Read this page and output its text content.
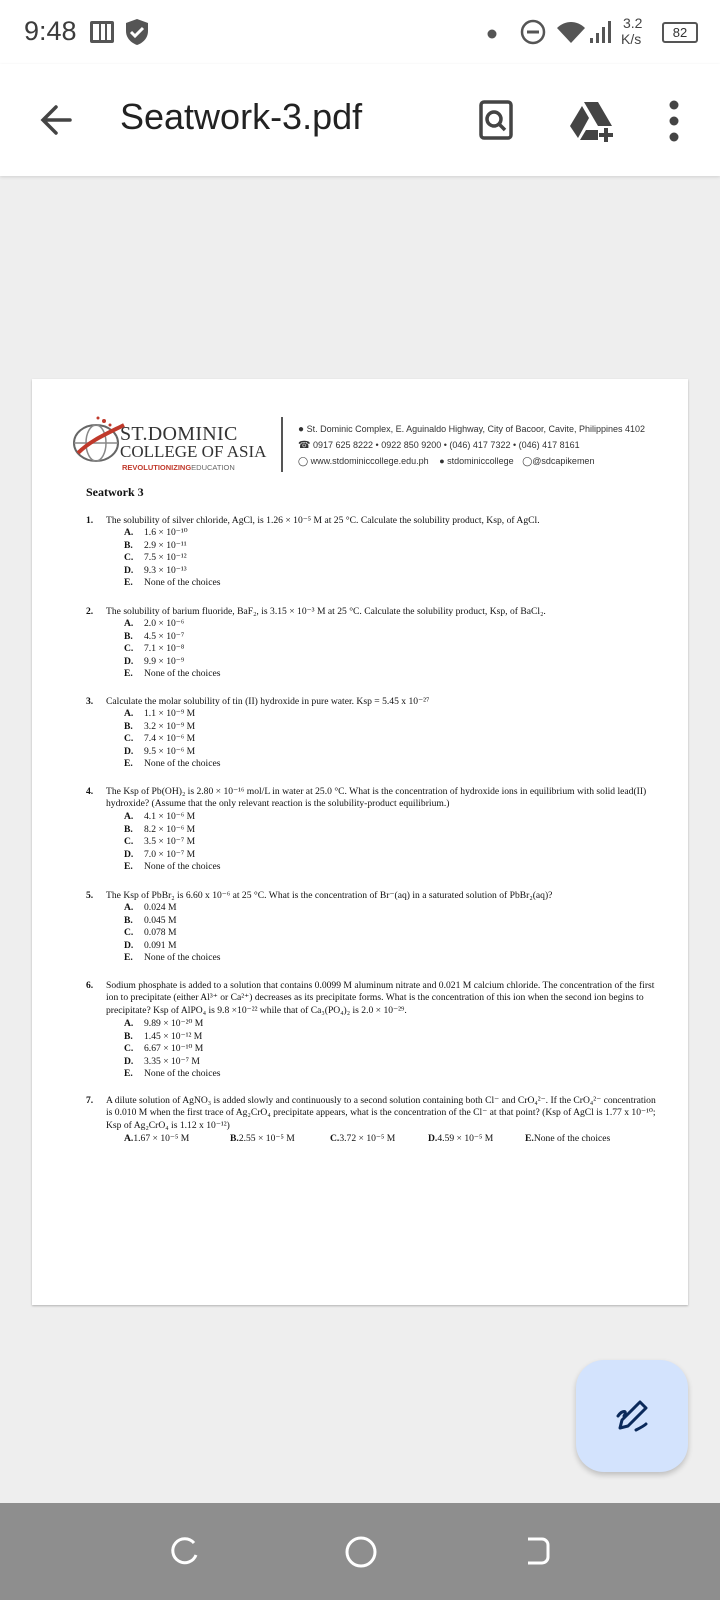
9:48	3.2
K/s	82
Seatwork-3.pdf
ST.DOMINIC
COLLEGE OF ASIA
REVOLUTIONIZINGEDUCATION
● St. Dominic Complex, E. Aguinaldo Highway, City of Bacoor, Cavite, Philippines 4102
☎ 0917 625 8222 • 0922 850 9200 • (046) 417 7322 • (046) 417 8161
◯ www.stdominiccollege.edu.ph ● stdominiccollege ◯@sdcapikemen
Seatwork 3
1. The solubility of silver chloride, AgCl, is 1.26 × 10⁻⁵ M at 25 °C. Calculate the solubility product, Ksp, of AgCl.
A. 1.6 × 10⁻¹⁰
B. 2.9 × 10⁻¹¹
C. 7.5 × 10⁻¹²
D. 9.3 × 10⁻¹³
E. None of the choices
2. The solubility of barium fluoride, BaF₂, is 3.15 × 10⁻³ M at 25 °C. Calculate the solubility product, Ksp, of BaCl₂.
A. 2.0 × 10⁻⁶
B. 4.5 × 10⁻⁷
C. 7.1 × 10⁻⁸
D. 9.9 × 10⁻⁹
E. None of the choices
3. Calculate the molar solubility of tin (II) hydroxide in pure water. Ksp = 5.45 x 10⁻²⁷
A. 1.1 × 10⁻⁹ M
B. 3.2 × 10⁻⁹ M
C. 7.4 × 10⁻⁶ M
D. 9.5 × 10⁻⁶ M
E. None of the choices
4. The Ksp of Pb(OH)₂ is 2.80 × 10⁻¹⁶ mol/L in water at 25.0 °C. What is the concentration of hydroxide ions in equilibrium with solid lead(II) hydroxide? (Assume that the only relevant reaction is the solubility-product equilibrium.)
A. 4.1 × 10⁻⁶ M
B. 8.2 × 10⁻⁶ M
C. 3.5 × 10⁻⁷ M
D. 7.0 × 10⁻⁷ M
E. None of the choices
5. The Ksp of PbBr₂ is 6.60 x 10⁻⁶ at 25 °C. What is the concentration of Br⁻(aq) in a saturated solution of PbBr₂(aq)?
A. 0.024 M
B. 0.045 M
C. 0.078 M
D. 0.091 M
E. None of the choices
6. Sodium phosphate is added to a solution that contains 0.0099 M aluminum nitrate and 0.021 M calcium chloride. The concentration of the first ion to precipitate (either Al³⁺ or Ca²⁺) decreases as its precipitate forms. What is the concentration of this ion when the second ion begins to precipitate? Ksp of AlPO₄ is 9.8 ×10⁻²² while that of Ca₃(PO₄)₂ is 2.0 × 10⁻²⁹.
A. 9.89 × 10⁻²⁰ M
B. 1.45 × 10⁻¹² M
C. 6.67 × 10⁻¹⁰ M
D. 3.35 × 10⁻⁷ M
E. None of the choices
7. A dilute solution of AgNO₃ is added slowly and continuously to a second solution containing both Cl⁻ and CrO₄²⁻. If the CrO₄²⁻ concentration is 0.010 M when the first trace of Ag₂CrO₄ precipitate appears, what is the concentration of the Cl⁻ at that point? (Ksp of AgCl is 1.77 x 10⁻¹⁰; Ksp of Ag₂CrO₄ is 1.12 x 10⁻¹²)
A. 1.67 × 10⁻⁵ M	B. 2.55 × 10⁻⁵ M	C. 3.72 × 10⁻⁵ M	D. 4.59 × 10⁻⁵ M	E. None of the choices
